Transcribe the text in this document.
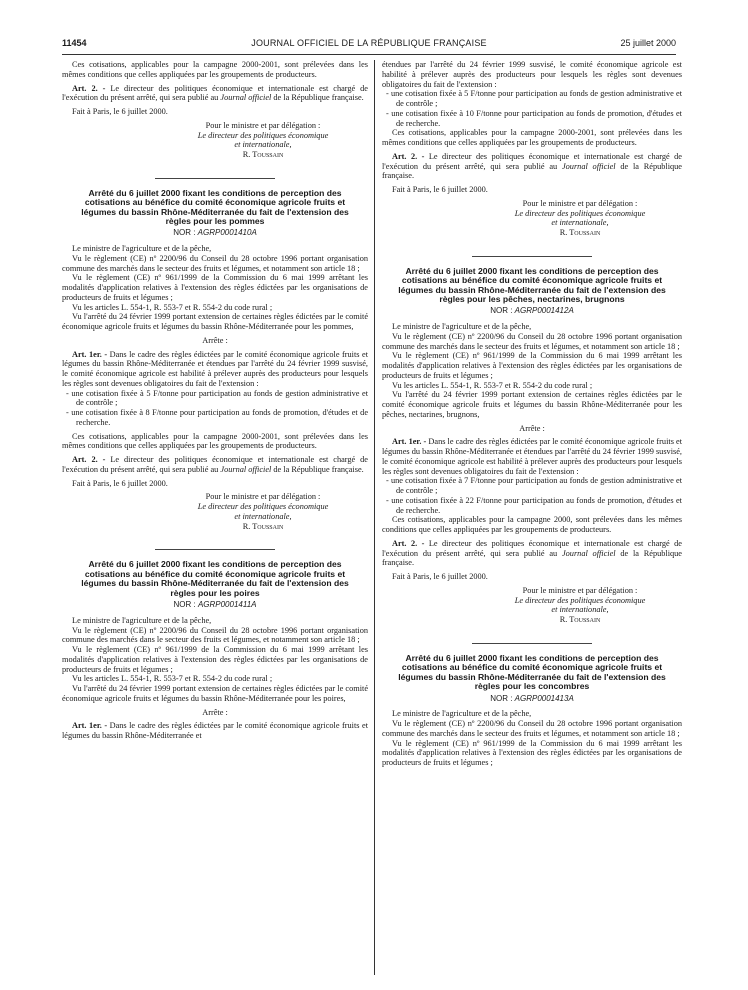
11454	JOURNAL OFFICIEL DE LA RÉPUBLIQUE FRANÇAISE	25 juillet 2000

Ces cotisations, applicables pour la campagne 2000-2001, sont prélevées dans les mêmes conditions que celles appliquées par les groupements de producteurs.

Art. 2. - Le directeur des politiques économique et internationale est chargé de l'exécution du présent arrêté, qui sera publié au Journal officiel de la République française.

Fait à Paris, le 6 juillet 2000.

Pour le ministre et par délégation :

Le directeur des politiques économique

et internationale,

R. Toussain

Arrêté du 6 juillet 2000 fixant les conditions de perception des cotisations au bénéfice du comité économique agricole fruits et légumes du bassin Rhône-Méditerranée du fait de l'extension des règles pour les pommes

NOR : AGRP0001410A

Le ministre de l'agriculture et de la pêche,

Vu le règlement (CE) nº 2200/96 du Conseil du 28 octobre 1996 portant organisation commune des marchés dans le secteur des fruits et légumes, et notamment son article 18 ;

Vu le règlement (CE) nº 961/1999 de la Commission du 6 mai 1999 arrêtant les modalités d'application relatives à l'extension des règles édictées par les organisations de producteurs de fruits et légumes ;

Vu les articles L. 554-1, R. 553-7 et R. 554-2 du code rural ;

Vu l'arrêté du 24 février 1999 portant extension de certaines règles édictées par le comité économique agricole fruits et légumes du bassin Rhône-Méditerranée pour les pommes,

Arrête :

Art. 1er. - Dans le cadre des règles édictées par le comité économique agricole fruits et légumes du bassin Rhône-Méditerranée et étendues par l'arrêté du 24 février 1999 susvisé, le comité économique agricole est habilité à prélever auprès des producteurs pour lesquels les règles sont devenues obligatoires du fait de l'extension :

- une cotisation fixée à 5 F/tonne pour participation au fonds de gestion administrative et de contrôle ;

- une cotisation fixée à 8 F/tonne pour participation au fonds de promotion, d'études et de recherche.

Ces cotisations, applicables pour la campagne 2000-2001, sont prélevées dans les mêmes conditions que celles appliquées par les groupements de producteurs.

Art. 2. - Le directeur des politiques économique et internationale est chargé de l'exécution du présent arrêté, qui sera publié au Journal officiel de la République française.

Fait à Paris, le 6 juillet 2000.

Pour le ministre et par délégation :

Le directeur des politiques économique

et internationale,

R. Toussain

Arrêté du 6 juillet 2000 fixant les conditions de perception des cotisations au bénéfice du comité économique agricole fruits et légumes du bassin Rhône-Méditerranée du fait de l'extension des règles pour les poires

NOR : AGRP0001411A

Le ministre de l'agriculture et de la pêche,

Vu le règlement (CE) nº 2200/96 du Conseil du 28 octobre 1996 portant organisation commune des marchés dans le secteur des fruits et légumes, et notamment son article 18 ;

Vu le règlement (CE) nº 961/1999 de la Commission du 6 mai 1999 arrêtant les modalités d'application relatives à l'extension des règles édictées par les organisations de producteurs de fruits et légumes ;

Vu les articles L. 554-1, R. 553-7 et R. 554-2 du code rural ;

Vu l'arrêté du 24 février 1999 portant extension de certaines règles édictées par le comité économique agricole fruits et légumes du bassin Rhône-Méditerranée pour les poires,

Arrête :

Art. 1er. - Dans le cadre des règles édictées par le comité économique agricole fruits et légumes du bassin Rhône-Méditerranée et

étendues par l'arrêté du 24 février 1999 susvisé, le comité économique agricole est habilité à prélever auprès des producteurs pour lesquels les règles sont devenues obligatoires du fait de l'extension :

- une cotisation fixée à 5 F/tonne pour participation au fonds de gestion administrative et de contrôle ;

- une cotisation fixée à 10 F/tonne pour participation au fonds de promotion, d'études et de recherche.

Ces cotisations, applicables pour la campagne 2000-2001, sont prélevées dans les mêmes conditions que celles appliquées par les groupements de producteurs.

Art. 2. - Le directeur des politiques économique et internationale est chargé de l'exécution du présent arrêté, qui sera publié au Journal officiel de la République française.

Fait à Paris, le 6 juillet 2000.

Pour le ministre et par délégation :

Le directeur des politiques économique

et internationale,

R. Toussain

Arrêté du 6 juillet 2000 fixant les conditions de perception des cotisations au bénéfice du comité économique agricole fruits et légumes du bassin Rhône-Méditerranée du fait de l'extension des règles pour les pêches, nectarines, brugnons

NOR : AGRP0001412A

Le ministre de l'agriculture et de la pêche,

Vu le règlement (CE) nº 2200/96 du Conseil du 28 octobre 1996 portant organisation commune des marchés dans le secteur des fruits et légumes, et notamment son article 18 ;

Vu le règlement (CE) nº 961/1999 de la Commission du 6 mai 1999 arrêtant les modalités d'application relatives à l'extension des règles édictées par les organisations de producteurs de fruits et légumes ;

Vu les articles L. 554-1, R. 553-7 et R. 554-2 du code rural ;

Vu l'arrêté du 24 février 1999 portant extension de certaines règles édictées par le comité économique agricole fruits et légumes du bassin Rhône-Méditerranée pour les pêches, nectarines, brugnons,

Arrête :

Art. 1er. - Dans le cadre des règles édictées par le comité économique agricole fruits et légumes du bassin Rhône-Méditerranée et étendues par l'arrêté du 24 février 1999 susvisé, le comité économique agricole est habilité à prélever auprès des producteurs pour lesquels les règles sont devenues obligatoires du fait de l'extension :

- une cotisation fixée à 7 F/tonne pour participation au fonds de gestion administrative et de contrôle ;

- une cotisation fixée à 22 F/tonne pour participation au fonds de promotion, d'études et de recherche.

Ces cotisations, applicables pour la campagne 2000, sont prélevées dans les mêmes conditions que celles appliquées par les groupements de producteurs.

Art. 2. - Le directeur des politiques économique et internationale est chargé de l'exécution du présent arrêté, qui sera publié au Journal officiel de la République française.

Fait à Paris, le 6 juillet 2000.

Pour le ministre et par délégation :

Le directeur des politiques économique

et internationale,

R. Toussain

Arrêté du 6 juillet 2000 fixant les conditions de perception des cotisations au bénéfice du comité économique agricole fruits et légumes du bassin Rhône-Méditerranée du fait de l'extension des règles pour les concombres

NOR : AGRP0001413A

Le ministre de l'agriculture et de la pêche,

Vu le règlement (CE) nº 2200/96 du Conseil du 28 octobre 1996 portant organisation commune des marchés dans le secteur des fruits et légumes, et notamment son article 18 ;

Vu le règlement (CE) nº 961/1999 de la Commission du 6 mai 1999 arrêtant les modalités d'application relatives à l'extension des règles édictées par les organisations de producteurs de fruits et légumes ;
